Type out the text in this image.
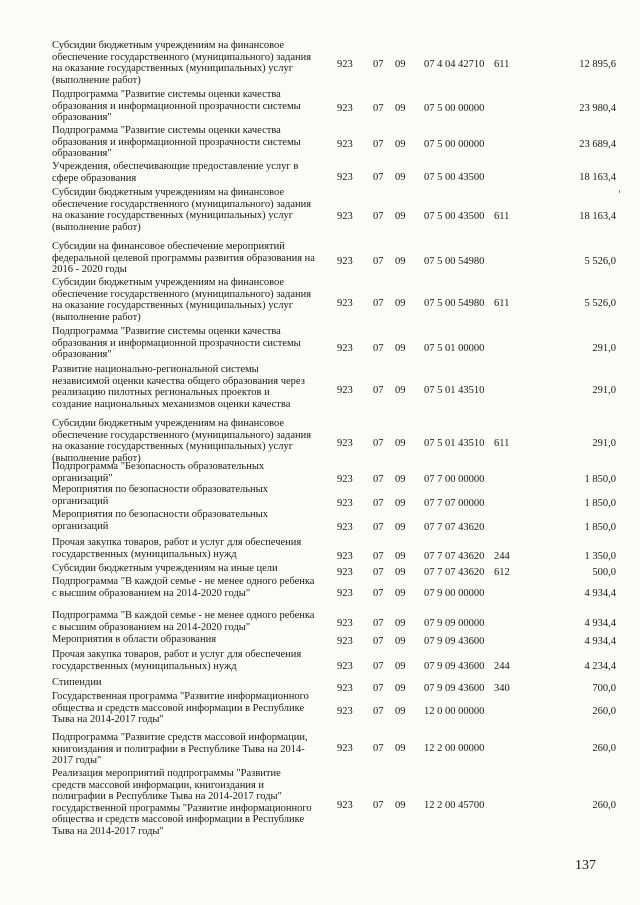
Субсидии бюджетным учреждениям на финансовое
обеспечение государственного (муниципального) задания
на оказание государственных (муниципальных) услуг
(выполнение работ)
923 07 09 07 4 04 42710 611	12 895,6
Подпрограмма "Развитие системы оценки качества
образования и информационной прозрачности системы
образования"
923 07 09 07 5 00 00000	23 980,4
Подпрограмма "Развитие системы оценки качества
образования и информационной прозрачности системы
образования"
923 07 09 07 5 00 00000	23 689,4
Учреждения, обеспечивающие предоставление услуг в
сфере образования	923 07 09 07 5 00 43500	18 163,4
Субсидии бюджетным учреждениям на финансовое
обеспечение государственного (муниципального) задания
на оказание государственных (муниципальных) услуг
(выполнение работ)
923 07 09 07 5 00 43500 611	18 163,4
Субсидии на финансовое обеспечение мероприятий
федеральной целевой программы развития образования на
2016 - 2020 годы
923 07 09 07 5 00 54980	5 526,0
Субсидии бюджетным учреждениям на финансовое
обеспечение государственного (муниципального) задания
на оказание государственных (муниципальных) услуг
(выполнение работ)
923 07 09 07 5 00 54980 611	5 526,0
Подпрограмма "Развитие системы оценки качества
образования и информационной прозрачности системы
образования"
923 07 09 07 5 01 00000	291,0
Развитие национально-региональной системы
независимой оценки качества общего образования через
реализацию пилотных региональных проектов и
создание национальных механизмов оценки качества
923 07 09 07 5 01 43510	291,0
Субсидии бюджетным учреждениям на финансовое
обеспечение государственного (муниципального) задания
на оказание государственных (муниципальных) услуг
(выполнение работ)
923 07 09 07 5 01 43510 611	291,0
Подпрограмма "Безопасность образовательных
организаций"	923 07 09 07 7 00 00000	1 850,0
Мероприятия по безопасности образовательных
организаций	923 07 09 07 7 07 00000	1 850,0
Мероприятия по безопасности образовательных
организаций	923 07 09 07 7 07 43620	1 850,0
Прочая закупка товаров, работ и услуг для обеспечения
государственных (муниципальных) нужд	923 07 09 07 7 07 43620 244	1 350,0
Субсидии бюджетным учреждениям на иные цели	923 07 09 07 7 07 43620 612	500,0
Подпрограмма "В каждой семье - не менее одного ребенка
с высшим образованием на 2014-2020 годы"	923 07 09 07 9 00 00000	4 934,4
Подпрограмма "В каждой семье - не менее одного ребенка
с высшим образованием на 2014-2020 годы"	923 07 09 07 9 09 00000	4 934,4
Мероприятия в области образования	923 07 09 07 9 09 43600	4 934,4
Прочая закупка товаров, работ и услуг для обеспечения
государственных (муниципальных) нужд	923 07 09 07 9 09 43600 244	4 234,4
Стипендии
923 07 09 07 9 09 43600 340	700,0
Государственная программа "Развитие информационного
общества и средств массовой информации в Республике
Тыва на 2014-2017 годы"
923 07 09 12 0 00 00000	260,0
Подпрограмма "Развитие средств массовой информации,
книгоиздания и полиграфии в Республике Тыва на 2014-
2017 годы"
923 07 09 12 2 00 00000	260,0
Реализация мероприятий подпрограммы "Развитие
средств массовой информации, книгоиздания и
полиграфии в Республике Тыва на 2014-2017 годы"
государственной программы "Развитие информационного
общества и средств массовой информации в Республике
Тыва на 2014-2017 годы"
923 07 09 12 2 00 45700	260,0
137
